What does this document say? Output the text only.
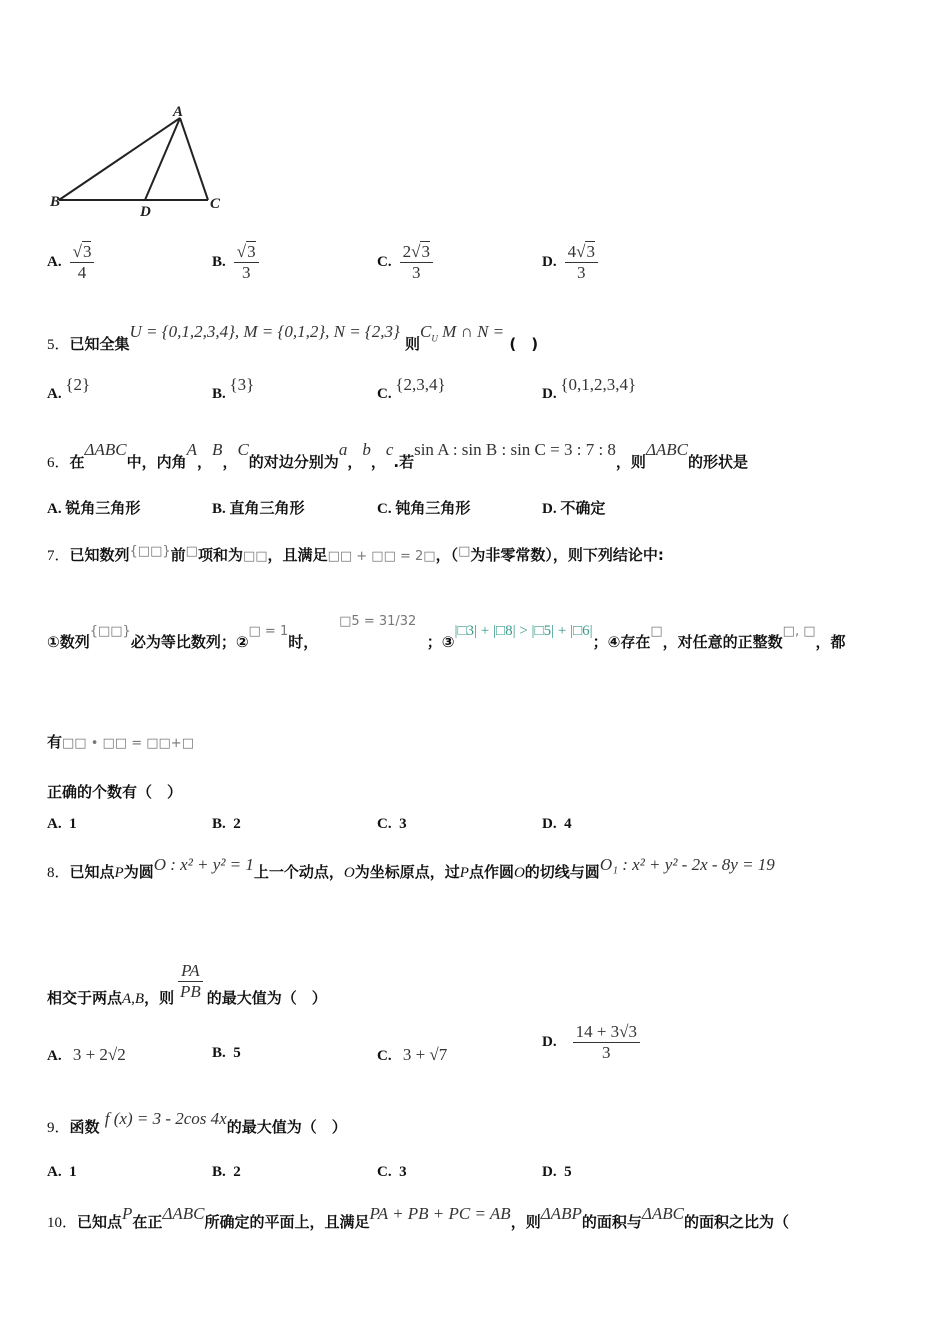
A
B
D	C
A. $\frac{√3}{4}$	B. $\frac{√3}{3}$	C. $\frac{2√3}{3}$	D. $\frac{4√3}{3}$
5．已知全集U = {0,1,2,3,4}, M = {0,1,2}, N = {2,3} 则$C_U$ M ∩ N = (　)
A. {2}	B. {3}	C. {2,3,4}	D. {0,1,2,3,4}
6．在ΔABC中，内角A，B，C的对边分别为a，b，c.若sin A : sin B : sin C = 3 : 7 : 8，则ΔABC的形状是
A. 锐角三角形	B. 直角三角形	C. 钝角三角形	D. 不确定
7．已知数列{□□}前□项和为□□，且满足□□ + □□ = 2□，（□为非零常数），则下列结论中:
①数列{□□}必为等比数列；②□ = 1时，    □5 = 31/32  ；③|□3| + |□8| > |□5| + |□6|；④存在□，对任意的正整数□, □，都
有□□ • □□ = □□+□
正确的个数有（　）
A. 1	B. 2	C. 3	D. 4
8．已知点P为圆O : x² + y² = 1上一个动点，O为坐标原点，过P点作圆O的切线与圆O₁ : x² + y² - 2x - 8y = 19
相交于两点A,B，则 $\frac{PA}{PB}$ 的最大值为（　）
A. 3 + 2√2	B. 5	C. 3 + √7
D. $\frac{14 + 3√3}{3}$
9．函数 f (x) = 3 - 2cos 4x的最大值为（　）
A. 1	B. 2	C. 3	D. 5
10．已知点P在正ΔABC所确定的平面上，且满足PA + PB + PC = AB，则ΔABP的面积与ΔABC的面积之比为（
